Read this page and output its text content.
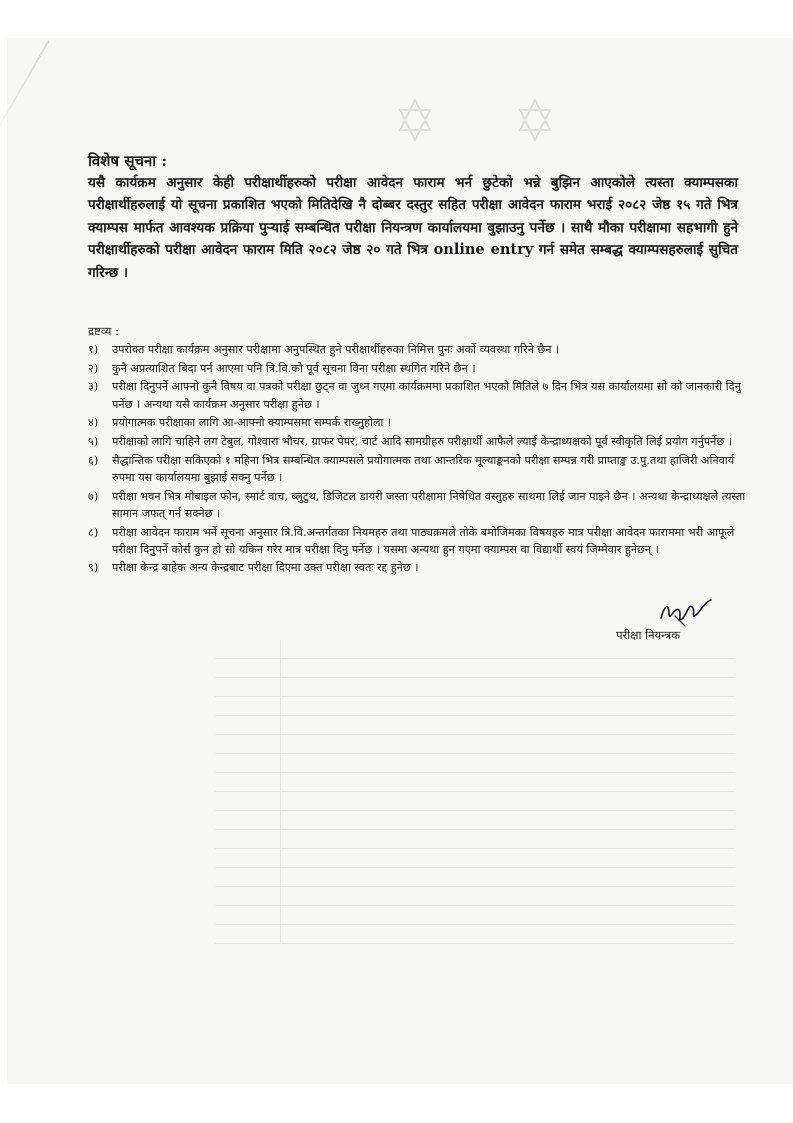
विशेष सूचना :
यसै कार्यक्रम अनुसार केही परीक्षार्थीहरुको परीक्षा आवेदन फाराम भर्न छुटेको भन्ने बुझिन आएकोले त्यस्ता क्याम्पसका परीक्षार्थीहरुलाई यो सूचना प्रकाशित भएको मितिदेखि नै दोब्बर दस्तुर सहित परीक्षा आवेदन फाराम भराई २०८२ जेष्ठ १५ गते भित्र क्याम्पस मार्फत आवश्यक प्रक्रिया पुऱ्याई सम्बन्धित परीक्षा नियन्त्रण कार्यालयमा बुझाउनु पर्नेछ । साथै मौका परीक्षामा सहभागी हुने परीक्षार्थीहरुको परीक्षा आवेदन फाराम मिति २०८२ जेष्ठ २० गते भित्र online entry गर्न समेत सम्बद्ध क्याम्पसहरुलाई सुचित गरिन्छ ।
द्रष्टव्य :
१)	उपरोक्त परीक्षा कार्यक्रम अनुसार परीक्षामा अनुपस्थित हुने परीक्षार्थीहरुका निमित्त पुनः अर्को व्यवस्था गरिने छैन ।
२)	कुनै अप्रत्याशित बिदा पर्न आएमा पनि त्रि.वि.को पूर्व सूचना विना परीक्षा स्थगित गरिने छैन ।
३)	परीक्षा दिनुपर्ने आफ्नो कुनै विषय वा पत्रको परीक्षा छुट्न वा जुध्न गएमा कार्यक्रममा प्रकाशित भएको मितिले ७ दिन भित्र यस कार्यालयमा सो को जानकारी दिनु पर्नेछ । अन्यथा यसै कार्यक्रम अनुसार परीक्षा हुनेछ ।
४)	प्रयोगात्मक परीक्षाका लागि आ-आफ्नो क्याम्पसमा सम्पर्क राख्नुहोला ।
५)	परीक्षाको लागि चाहिने लग टेबुल, गोश्वारा भौचर, ग्राफर पेपर, चार्ट आदि सामग्रीहरु परीक्षार्थी आफैले ल्याई केन्द्राध्यक्षको पूर्व स्वीकृति लिई प्रयोग गर्नुपर्नेछ ।
६)	सैद्धान्तिक परीक्षा सकिएको १ महिना भित्र सम्बन्धित क्याम्पसले प्रयोगात्मक तथा आन्तरिक मूल्याङ्कनको परीक्षा सम्पन्न गरी प्राप्ताङ्क उ.पु.तथा हाजिरी अनिवार्य रुपमा यस कार्यालयमा बुझाई सक्नु पर्नेछ ।
७)	परीक्षा भवन भित्र मोबाइल फोन, स्मार्ट वाच, ब्लुटुथ, डिजिटल डायरी जस्ता परीक्षामा निषेधित वस्तुहरु साथमा लिई जान पाइने छैन । अन्यथा केन्द्राध्यक्षले त्यस्ता सामान जफत् गर्न सक्नेछ ।
८)	परीक्षा आवेदन फाराम भर्ने सूचना अनुसार त्रि.वि.अन्तर्गतका नियमहरु तथा पाठ्यक्रमले तोके बमोजिमका विषयहरु मात्र परीक्षा आवेदन फाराममा भरी आफूले परीक्षा दिनुपर्ने कोर्स कुन हो सो यकिन गरेर मात्र परीक्षा दिनु पर्नेछ । यसमा अन्यथा हुन गएमा क्याम्पस वा विद्यार्थी स्वयं जिम्मेवार हुनेछन् ।
९)	परीक्षा केन्द्र बाहेक अन्य केन्द्रबाट परीक्षा दिएमा उक्त परीक्षा स्वतः रद्द हुनेछ ।
परीक्षा नियन्त्रक
